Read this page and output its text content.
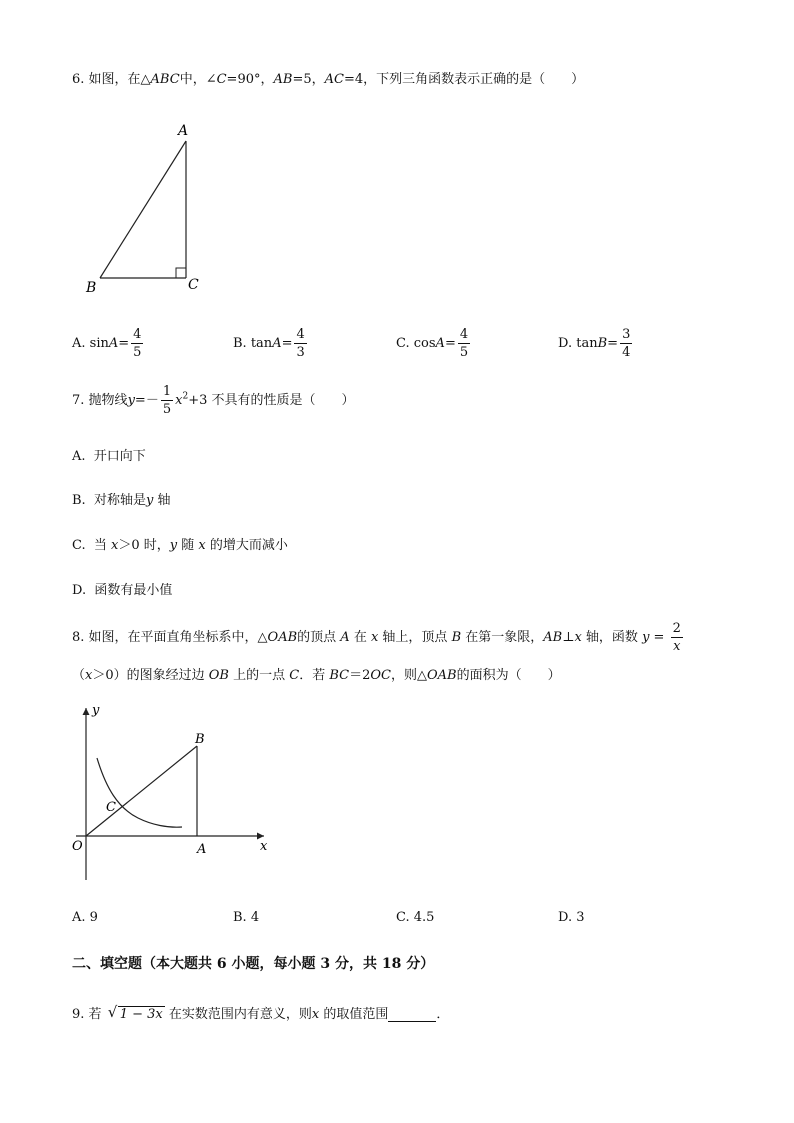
6. 如图，在△ABC中，∠C=90°，AB=5，AC=4，下列三角函数表示正确的是（　　）
A
B	C
A. $\sin A= \frac{4}{5}$	B. $\tan A= \frac{4}{3}$	C. $\cos A= \frac{4}{5}$	D. $\tan B= \frac{3}{4}$
7. 抛物线$y=- \frac{1}{5} x^2+3$ 不具有的性质是（　　）
A. 开口向下
B. 对称轴是y 轴
C. 当 x＞0 时，y 随 x 的增大而减小
D. 函数有最小值
8. 如图，在平面直角坐标系中，△OAB的顶点 A 在 x 轴上，顶点 B 在第一象限，AB⊥x 轴，函数 $y = \frac{2}{x}$
（x＞0）的图象经过边 OB 上的一点 C．若 BC＝2OC，则△OAB的面积为（　　）
y
x
O	A
B
C
A. 9	B. 4	C. 4.5	D. 3
二、填空题（本大题共 6 小题，每小题 3 分，共 18 分）
9. 若 √ 1 − 3x 在实数范围内有意义，则x 的取值范围	．
